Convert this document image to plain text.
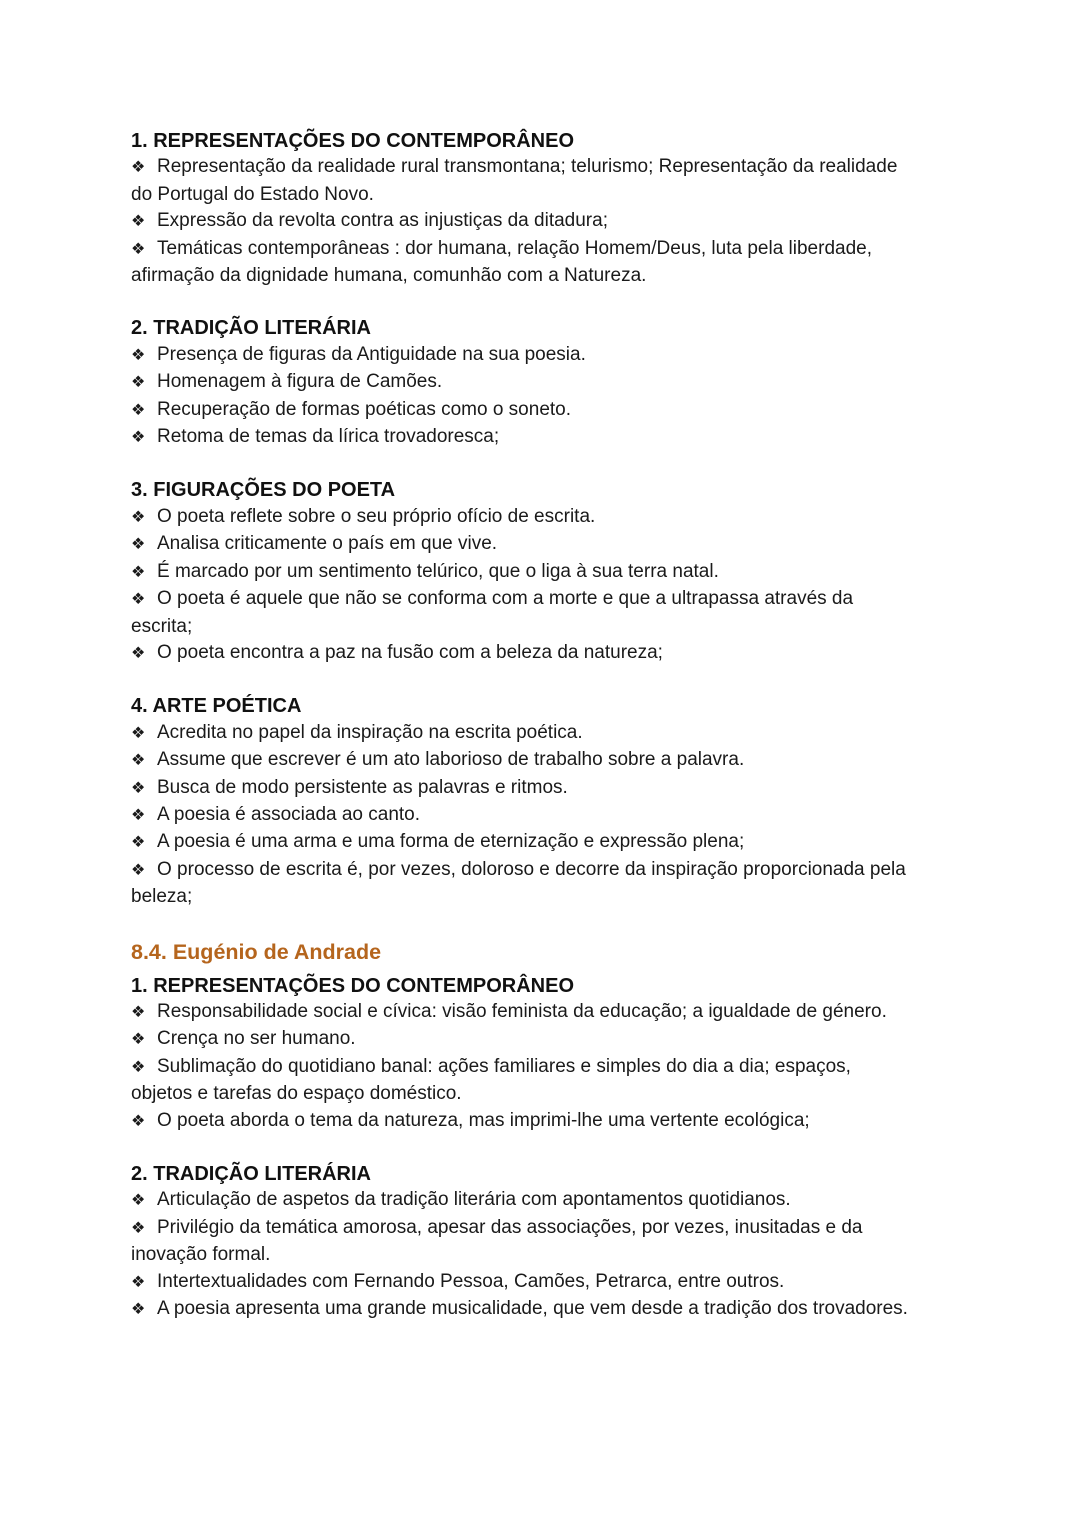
1. REPRESENTAÇÕES DO CONTEMPORÂNEO
❖ Representação da realidade rural transmontana; telurismo; Representação da realidade
do Portugal do Estado Novo.
❖ Expressão da revolta contra as injustiças da ditadura;
❖ Temáticas contemporâneas : dor humana, relação Homem/Deus, luta pela liberdade,
afirmação da dignidade humana, comunhão com a Natureza.
2. TRADIÇÃO LITERÁRIA
❖ Presença de figuras da Antiguidade na sua poesia.
❖ Homenagem à figura de Camões.
❖ Recuperação de formas poéticas como o soneto.
❖ Retoma de temas da lírica trovadoresca;
3. FIGURAÇÕES DO POETA
❖ O poeta reflete sobre o seu próprio ofício de escrita.
❖ Analisa criticamente o país em que vive.
❖ É marcado por um sentimento telúrico, que o liga à sua terra natal.
❖ O poeta é aquele que não se conforma com a morte e que a ultrapassa através da
escrita;
❖ O poeta encontra a paz na fusão com a beleza da natureza;
4. ARTE POÉTICA
❖ Acredita no papel da inspiração na escrita poética.
❖ Assume que escrever é um ato laborioso de trabalho sobre a palavra.
❖ Busca de modo persistente as palavras e ritmos.
❖ A poesia é associada ao canto.
❖ A poesia é uma arma e uma forma de eternização e expressão plena;
❖ O processo de escrita é, por vezes, doloroso e decorre da inspiração proporcionada pela
beleza;
8.4. Eugénio de Andrade
1. REPRESENTAÇÕES DO CONTEMPORÂNEO
❖ Responsabilidade social e cívica: visão feminista da educação; a igualdade de género.
❖ Crença no ser humano.
❖ Sublimação do quotidiano banal: ações familiares e simples do dia a dia; espaços,
objetos e tarefas do espaço doméstico.
❖ O poeta aborda o tema da natureza, mas imprimi-lhe uma vertente ecológica;
2. TRADIÇÃO LITERÁRIA
❖ Articulação de aspetos da tradição literária com apontamentos quotidianos.
❖ Privilégio da temática amorosa, apesar das associações, por vezes, inusitadas e da
inovação formal.
❖ Intertextualidades com Fernando Pessoa, Camões, Petrarca, entre outros.
❖ A poesia apresenta uma grande musicalidade, que vem desde a tradição dos trovadores.
